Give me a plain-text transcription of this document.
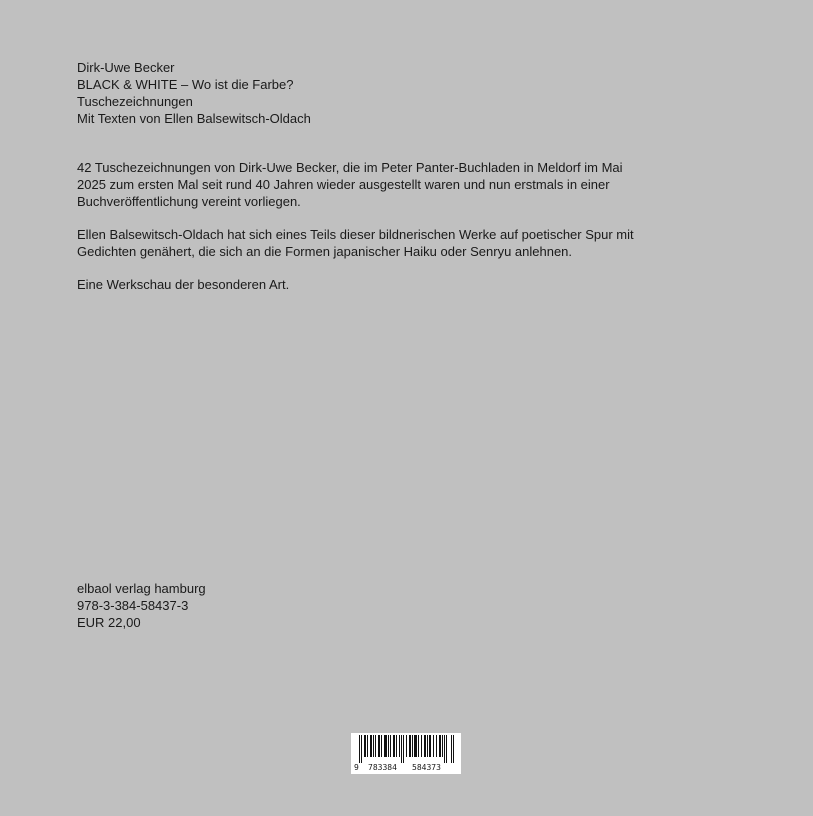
Dirk-Uwe Becker
BLACK & WHITE – Wo ist die Farbe?
Tuschezeichnungen
Mit Texten von Ellen Balsewitsch-Oldach

42 Tuschezeichnungen von Dirk-Uwe Becker, die im Peter Panter-Buchladen in Meldorf im Mai
2025 zum ersten Mal seit rund 40 Jahren wieder ausgestellt waren und nun erstmals in einer
Buchveröffentlichung vereint vorliegen.

Ellen Balsewitsch-Oldach hat sich eines Teils dieser bildnerischen Werke auf poetischer Spur mit
Gedichten genähert, die sich an die Formen japanischer Haiku oder Senryu anlehnen.

Eine Werkschau der besonderen Art.

elbaol verlag hamburg
978-3-384-58437-3
EUR 22,00
9 783384 584373
